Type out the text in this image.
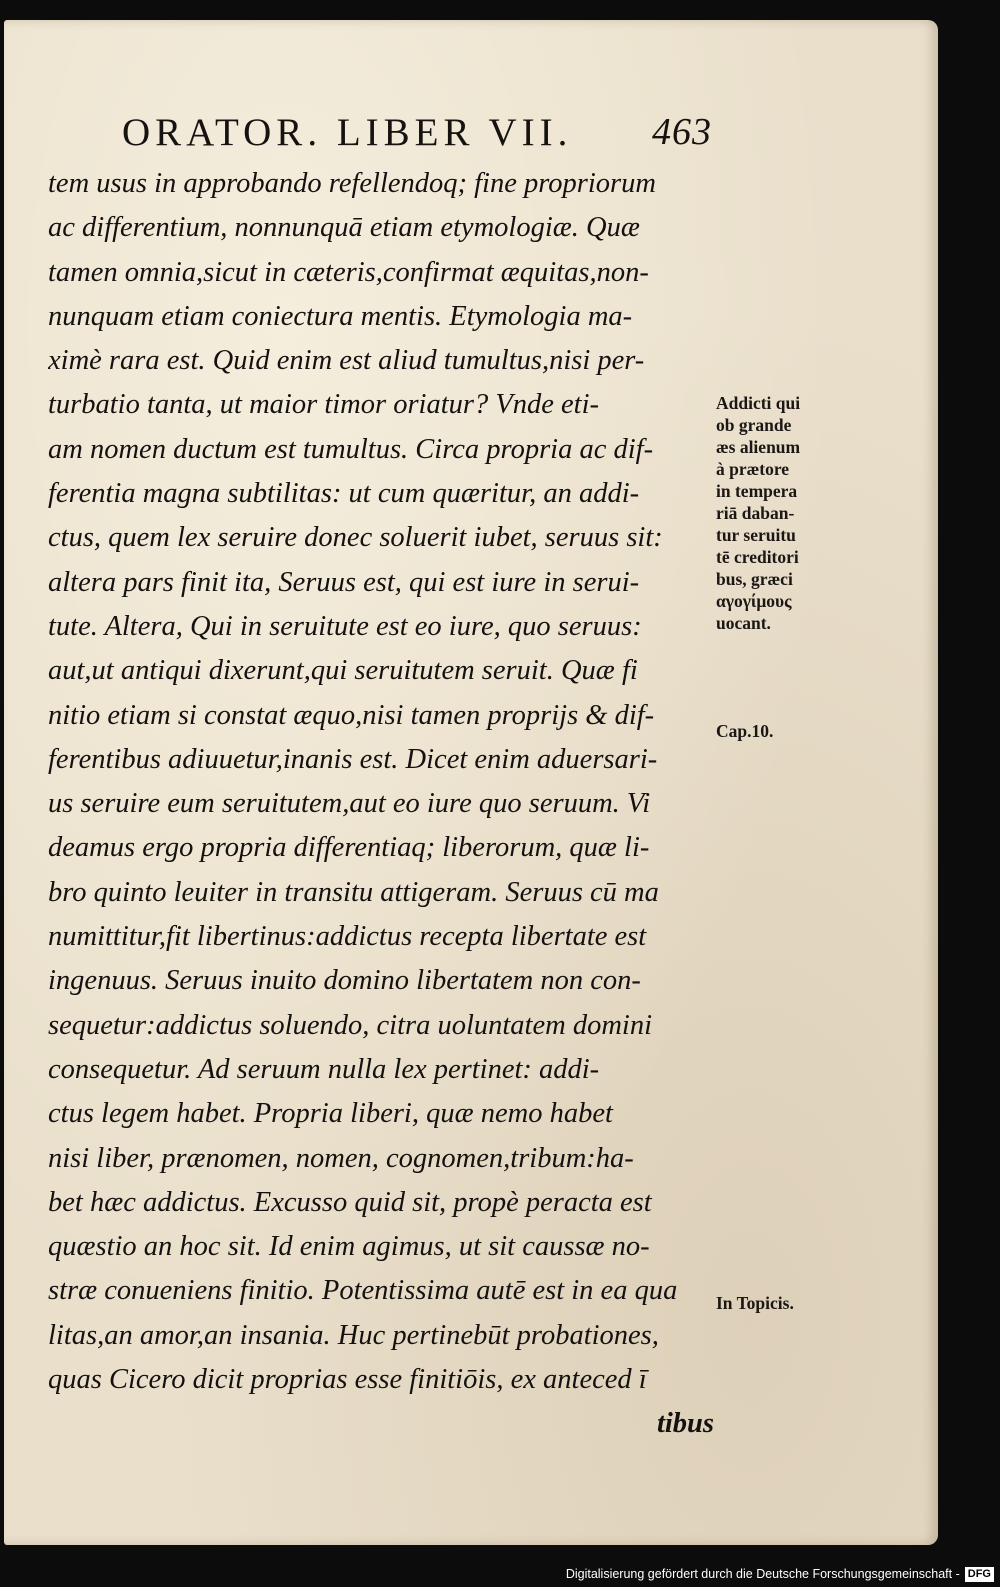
ORATOR. LIBER VII. 463
tem usus in approbando refellendoq; fine propriorum
ac differentium, nonnunquā etiam etymologiæ. Quæ
tamen omnia,sicut in cæteris,confirmat æquitas,non-
nunquam etiam coniectura mentis. Etymologia ma-
ximè rara est. Quid enim est aliud tumultus,nisi per-
turbatio tanta, ut maior timor oriatur? Vnde eti-
am nomen ductum est tumultus. Circa propria ac dif-
ferentia magna subtilitas: ut cum quæritur, an addi-
ctus, quem lex seruire donec soluerit iubet, seruus sit:
altera pars finit ita, Seruus est, qui est iure in serui-
tute. Altera, Qui in seruitute est eo iure, quo seruus:
aut,ut antiqui dixerunt,qui seruitutem seruit. Quæ fi
nitio etiam si constat æquo,nisi tamen proprijs & dif-
ferentibus adiuuetur,inanis est. Dicet enim aduersari-
us seruire eum seruitutem,aut eo iure quo seruum. Vi
deamus ergo propria differentiaq; liberorum, quæ li-
bro quinto leuiter in transitu attigeram. Seruus cū ma
numittitur,fit libertinus:addictus recepta libertate est
ingenuus. Seruus inuito domino libertatem non con-
sequetur:addictus soluendo, citra uoluntatem domini
consequetur. Ad seruum nulla lex pertinet: addi-
ctus legem habet. Propria liberi, quæ nemo habet
nisi liber, prænomen, nomen, cognomen,tribum:ha-
bet hæc addictus. Excusso quid sit, propè peracta est
quæstio an hoc sit. Id enim agimus, ut sit caussæ no-
stræ conueniens finitio. Potentissima autē est in ea qua
litas,an amor,an insania. Huc pertinebūt probationes,
quas Cicero dicit proprias esse finitiōis, ex anteced ī
tibus
Addicti qui
ob grande
æs alienum
à prætore
in tempera
riā daban-
tur seruitu
tē creditori
bus, græci
αγογίμους
uocant.
Cap.10.
In Topicis.
Digitalisierung gefördert durch die Deutsche Forschungsgemeinschaft - DFG
